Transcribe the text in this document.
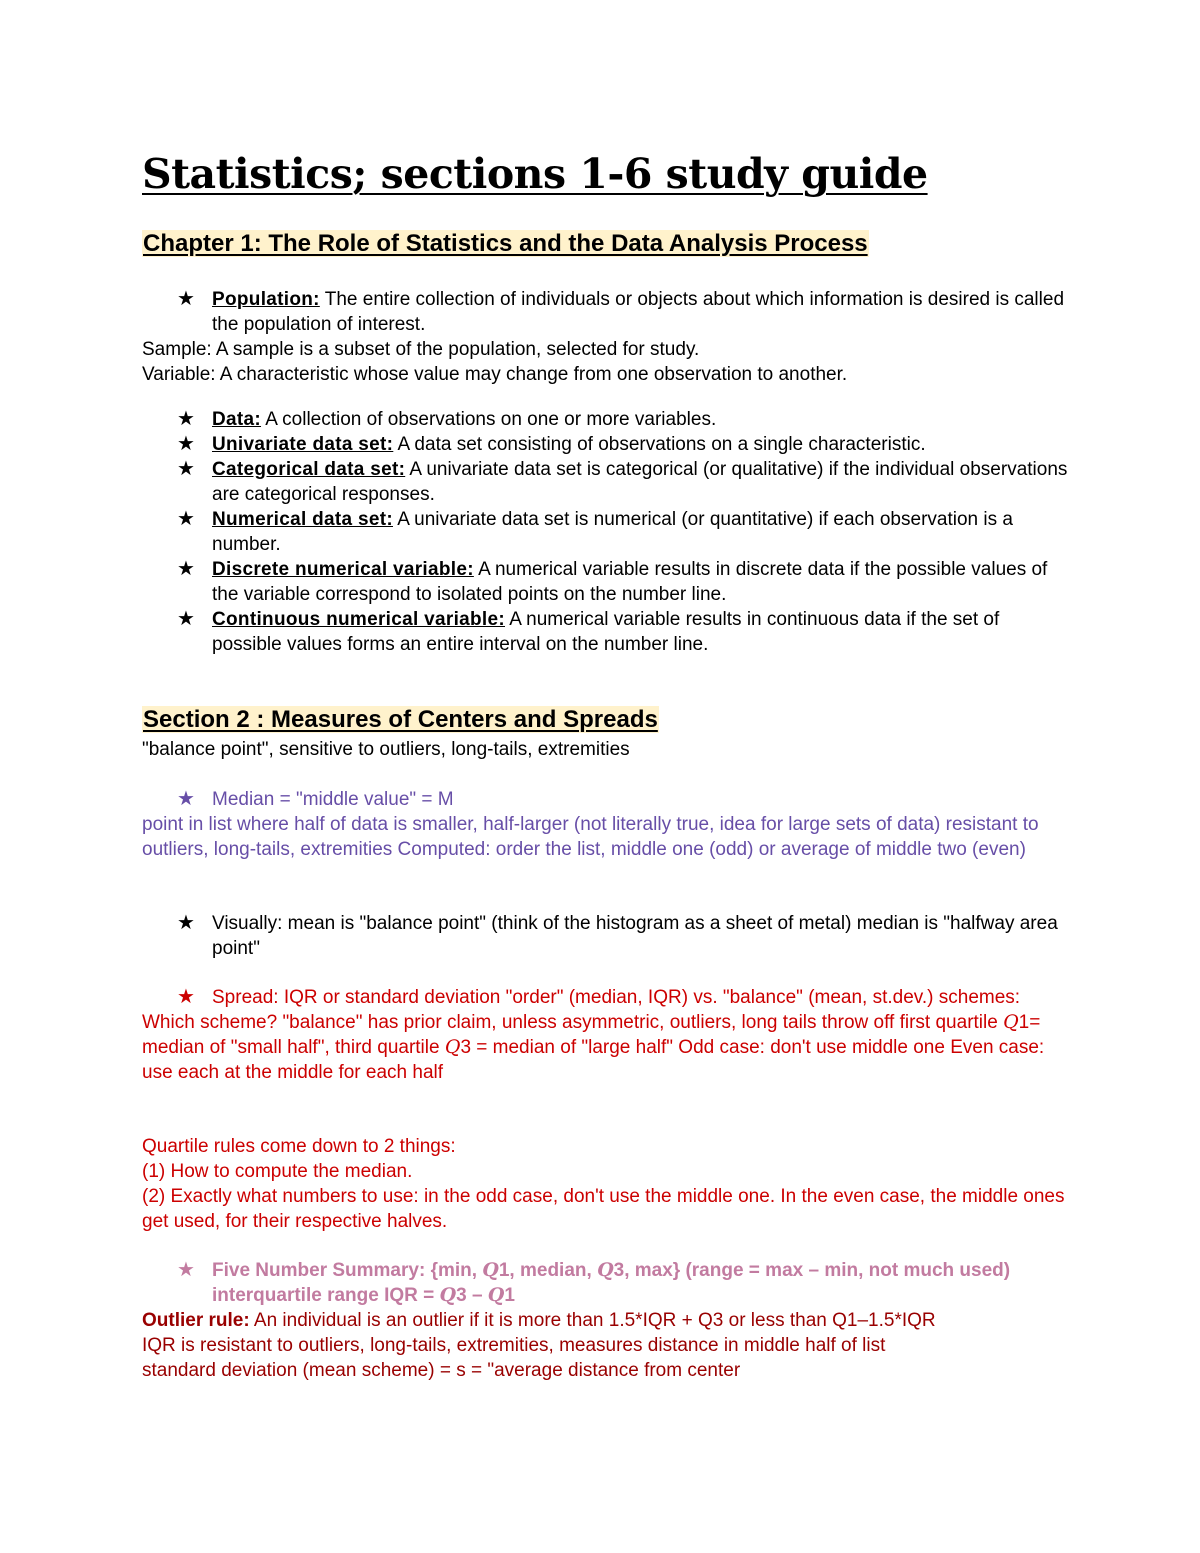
Statistics; sections 1-6 study guide
Chapter 1: The Role of Statistics and the Data Analysis Process
★ Population: The entire collection of individuals or objects about which information is desired is called the population of interest.

Sample: A sample is a subset of the population, selected for study.

Variable: A characteristic whose value may change from one observation to another.

★ Data: A collection of observations on one or more variables.
★ Univariate data set: A data set consisting of observations on a single characteristic.
★ Categorical data set: A univariate data set is categorical (or qualitative) if the individual observations are categorical responses.
★ Numerical data set: A univariate data set is numerical (or quantitative) if each observation is a number.
★ Discrete numerical variable: A numerical variable results in discrete data if the possible values of the variable correspond to isolated points on the number line.
★ Continuous numerical variable: A numerical variable results in continuous data if the set of possible values forms an entire interval on the number line.
Section 2 : Measures of Centers and Spreads

"balance point", sensitive to outliers, long-tails, extremities

★ Median = "middle value" = M

point in list where half of data is smaller, half-larger (not literally true, idea for large sets of data) resistant to outliers, long-tails, extremities Computed: order the list, middle one (odd) or average of middle two (even)

★ Visually: mean is "balance point" (think of the histogram as a sheet of metal) median is "halfway area point"
★ Spread: IQR or standard deviation "order" (median, IQR) vs. "balance" (mean, st.dev.) schemes:

Which scheme? "balance" has prior claim, unless asymmetric, outliers, long tails throw off first quartile Q1= median of "small half", third quartile Q3 = median of "large half" Odd case: don't use middle one Even case: use each at the middle for each half

Quartile rules come down to 2 things:

(1) How to compute the median.

(2) Exactly what numbers to use: in the odd case, don't use the middle one. In the even case, the middle ones get used, for their respective halves.

★ Five Number Summary: {min, Q1, median, Q3, max} (range = max – min, not much used) interquartile range IQR = Q3 – Q1

Outlier rule: An individual is an outlier if it is more than 1.5*IQR + Q3 or less than Q1–1.5*IQR

IQR is resistant to outliers, long-tails, extremities, measures distance in middle half of list

standard deviation (mean scheme) = s = "average distance from center
